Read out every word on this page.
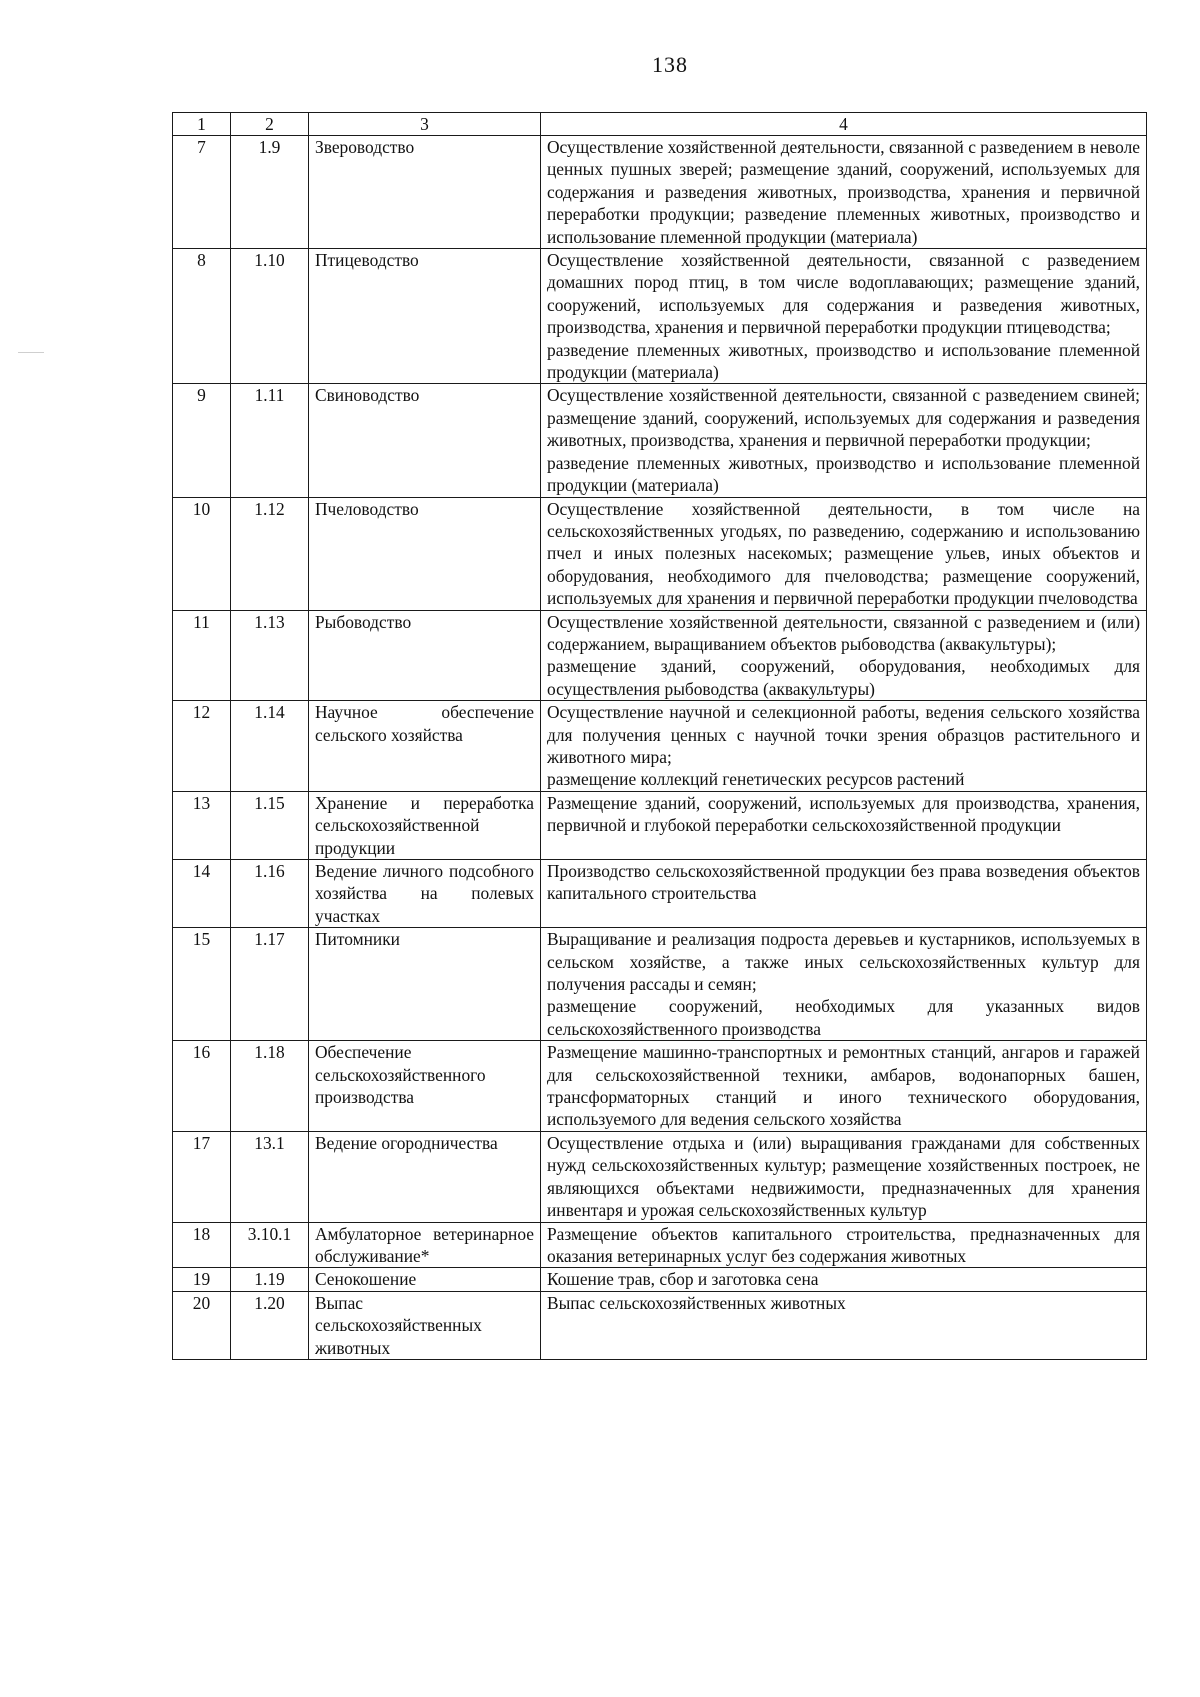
138
1	2	3	4
7	1.9	Звероводство	Осуществление хозяйственной деятельности, связанной с разведением в неволе ценных пушных зверей; размещение зданий, сооружений, используемых для содержания и разведения животных, производства, хранения и первичной переработки продукции; разведение племенных животных, производство и использование племенной продукции (материала)

8	1.10	Птицеводство	Осуществление хозяйственной деятельности, связанной с разведением домашних пород птиц, в том числе водоплавающих; размещение зданий, сооружений, используемых для содержания и разведения животных, производства, хранения и первичной переработки продукции птицеводства;
разведение племенных животных, производство и использование племенной продукции (материала)

9	1.11	Свиноводство	Осуществление хозяйственной деятельности, связанной с разведением свиней; размещение зданий, сооружений, используемых для содержания и разведения животных, производства, хранения и первичной переработки продукции;
разведение племенных животных, производство и использование племенной продукции (материала)

10	1.12	Пчеловодство	Осуществление хозяйственной деятельности, в том числе на сельскохозяйственных угодьях, по разведению, содержанию и использованию пчел и иных полезных насекомых; размещение ульев, иных объектов и оборудования, необходимого для пчеловодства; размещение сооружений, используемых для хранения и первичной переработки продукции пчеловодства

11	1.13	Рыбоводство	Осуществление хозяйственной деятельности, связанной с разведением и (или) содержанием, выращиванием объектов рыбоводства (аквакультуры);
размещение зданий, сооружений, оборудования, необходимых для осуществления рыбоводства (аквакультуры)

12	1.14	Научное обеспечение сельского хозяйства	Осуществление научной и селекционной работы, ведения сельского хозяйства для получения ценных с научной точки зрения образцов растительного и животного мира;
размещение коллекций генетических ресурсов растений

13	1.15	Хранение и переработка сельскохозяйственной продукции	Размещение зданий, сооружений, используемых для производства, хранения, первичной и глубокой переработки сельскохозяйственной продукции

14	1.16	Ведение личного подсобного хозяйства на полевых участках	Производство сельскохозяйственной продукции без права возведения объектов капитального строительства

15	1.17	Питомники	Выращивание и реализация подроста деревьев и кустарников, используемых в сельском хозяйстве, а также иных сельскохозяйственных культур для получения рассады и семян;
размещение сооружений, необходимых для указанных видов сельскохозяйственного производства

16	1.18	Обеспечение сельскохозяйственного производства	Размещение машинно-транспортных и ремонтных станций, ангаров и гаражей для сельскохозяйственной техники, амбаров, водонапорных башен, трансформаторных станций и иного технического оборудования, используемого для ведения сельского хозяйства

17	13.1	Ведение огородничества	Осуществление отдыха и (или) выращивания гражданами для собственных нужд сельскохозяйственных культур; размещение хозяйственных построек, не являющихся объектами недвижимости, предназначенных для хранения инвентаря и урожая сельскохозяйственных культур

18	3.10.1	Амбулаторное ветеринарное обслуживание*	Размещение объектов капитального строительства, предназначенных для оказания ветеринарных услуг без содержания животных

19	1.19	Сенокошение	Кошение трав, сбор и заготовка сена

20	1.20	Выпас сельскохозяйственных животных	Выпас сельскохозяйственных животных
